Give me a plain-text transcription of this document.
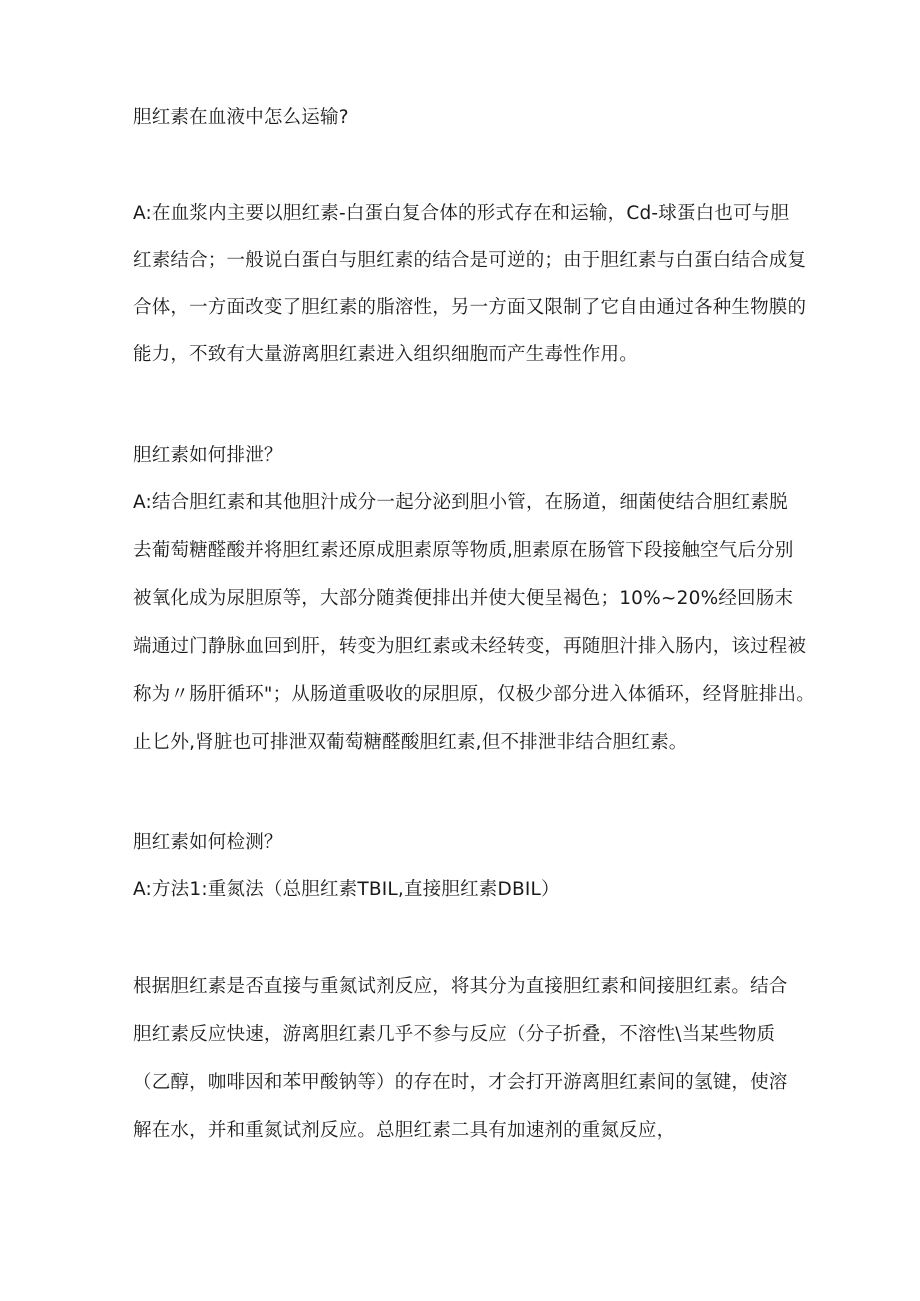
胆红素在血液中怎么运输?
A:在血浆内主要以胆红素-白蛋白复合体的形式存在和运输，Cd-球蛋白也可与胆
红素结合；一般说白蛋白与胆红素的结合是可逆的；由于胆红素与白蛋白结合成复
合体，一方面改变了胆红素的脂溶性，另一方面又限制了它自由通过各种生物膜的
能力，不致有大量游离胆红素进入组织细胞而产生毒性作用。
胆红素如何排泄？
A:结合胆红素和其他胆汁成分一起分泌到胆小管，在肠道，细菌使结合胆红素脱
去葡萄糖醛酸并将胆红素还原成胆素原等物质,胆素原在肠管下段接触空气后分别
被氧化成为尿胆原等，大部分随粪便排出并使大便呈褐色；10%~20%经回肠末
端通过门静脉血回到肝，转变为胆红素或未经转变，再随胆汁排入肠内，该过程被
称为〃肠肝循环"；从肠道重吸收的尿胆原，仅极少部分进入体循环，经肾脏排出。
止匕外,肾脏也可排泄双葡萄糖醛酸胆红素,但不排泄非结合胆红素。
胆红素如何检测？
A:方法1:重氮法（总胆红素TBIL,直接胆红素DBIL）
根据胆红素是否直接与重氮试剂反应，将其分为直接胆红素和间接胆红素。结合
胆红素反应快速，游离胆红素几乎不参与反应（分子折叠，不溶性\当某些物质
（乙醇，咖啡因和苯甲酸钠等）的存在时，才会打开游离胆红素间的氢键，使溶
解在水，并和重氮试剂反应。总胆红素二具有加速剂的重氮反应，
